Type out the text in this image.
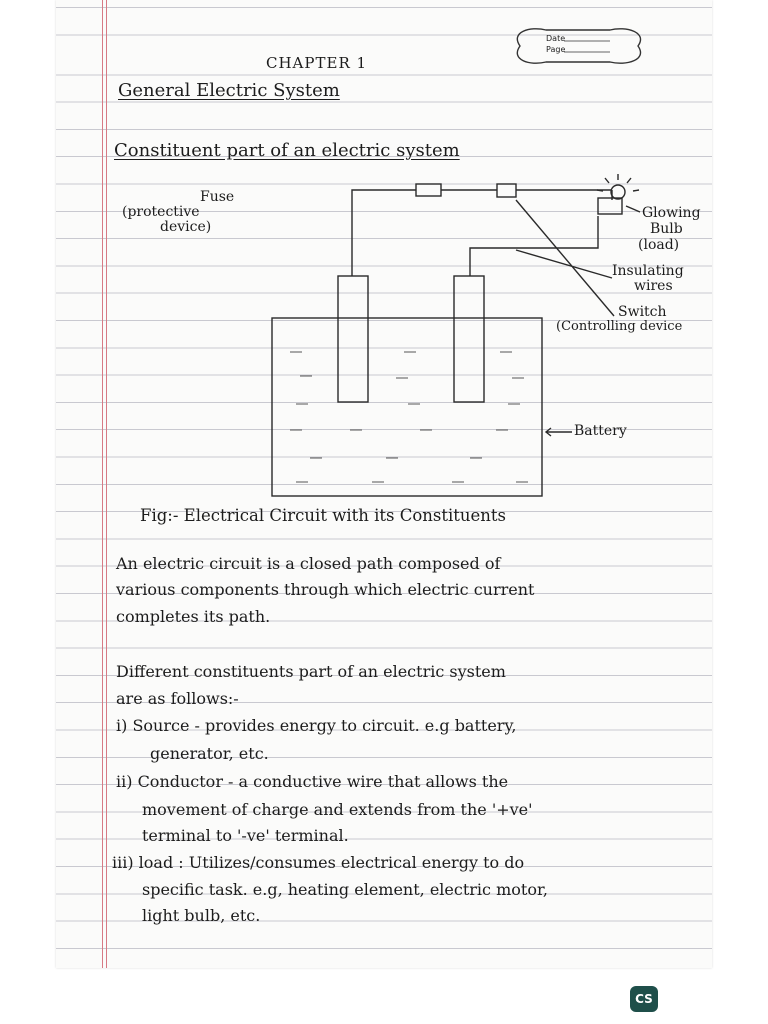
Date
Page
CHAPTER 1
General Electric System
Constituent part of an electric system
Fuse
(protective
device)
Glowing
Bulb
(load)
Insulating
wires
Switch
(Controlling device
Battery
Fig:- Electrical Circuit with its Constituents
An electric circuit is a closed path composed of
various components through which electric current
completes its path.
Different constituents part of an electric system
are as follows:-
i) Source - provides energy to circuit. e.g battery,
generator, etc.
ii) Conductor - a conductive wire that allows the
movement of charge and extends from the '+ve'
terminal to '-ve' terminal.
iii) load : Utilizes/consumes electrical energy to do
specific task. e.g, heating element, electric motor,
light bulb, etc.
CS
